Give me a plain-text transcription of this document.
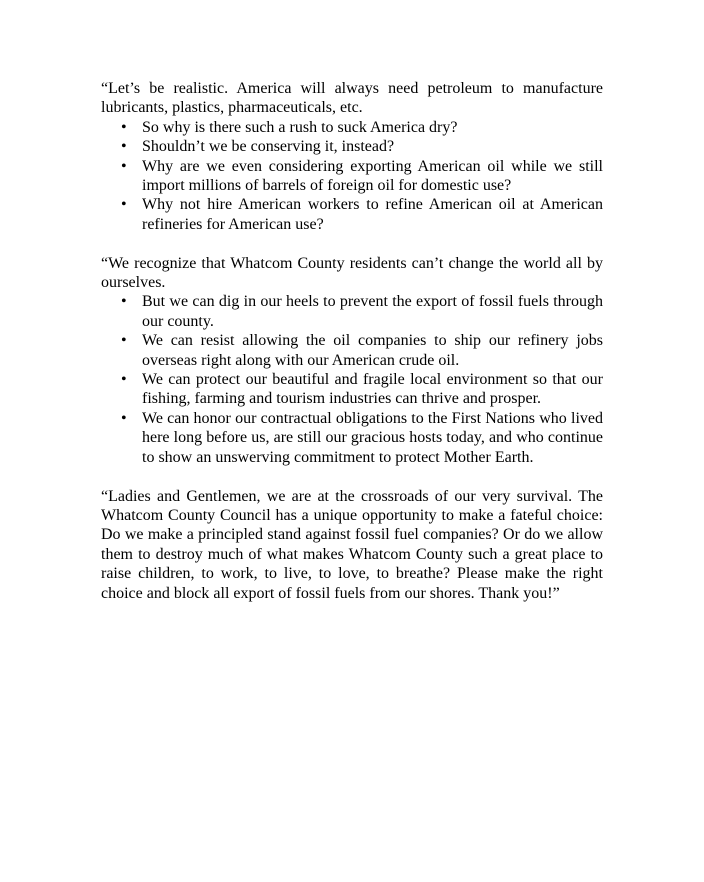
“Let’s be realistic. America will always need petroleum to manufacture lubricants, plastics, pharmaceuticals, etc.

• So why is there such a rush to suck America dry?
• Shouldn’t we be conserving it, instead?
• Why are we even considering exporting American oil while we still import millions of barrels of foreign oil for domestic use?
• Why not hire American workers to refine American oil at American refineries for American use?

“We recognize that Whatcom County residents can’t change the world all by ourselves.

• But we can dig in our heels to prevent the export of fossil fuels through our county.
• We can resist allowing the oil companies to ship our refinery jobs overseas right along with our American crude oil.
• We can protect our beautiful and fragile local environment so that our fishing, farming and tourism industries can thrive and prosper.
• We can honor our contractual obligations to the First Nations who lived here long before us, are still our gracious hosts today, and who continue to show an unswerving commitment to protect Mother Earth.

“Ladies and Gentlemen, we are at the crossroads of our very survival. The Whatcom County Council has a unique opportunity to make a fateful choice: Do we make a principled stand against fossil fuel companies? Or do we allow them to destroy much of what makes Whatcom County such a great place to raise children, to work, to live, to love, to breathe? Please make the right choice and block all export of fossil fuels from our shores. Thank you!”
